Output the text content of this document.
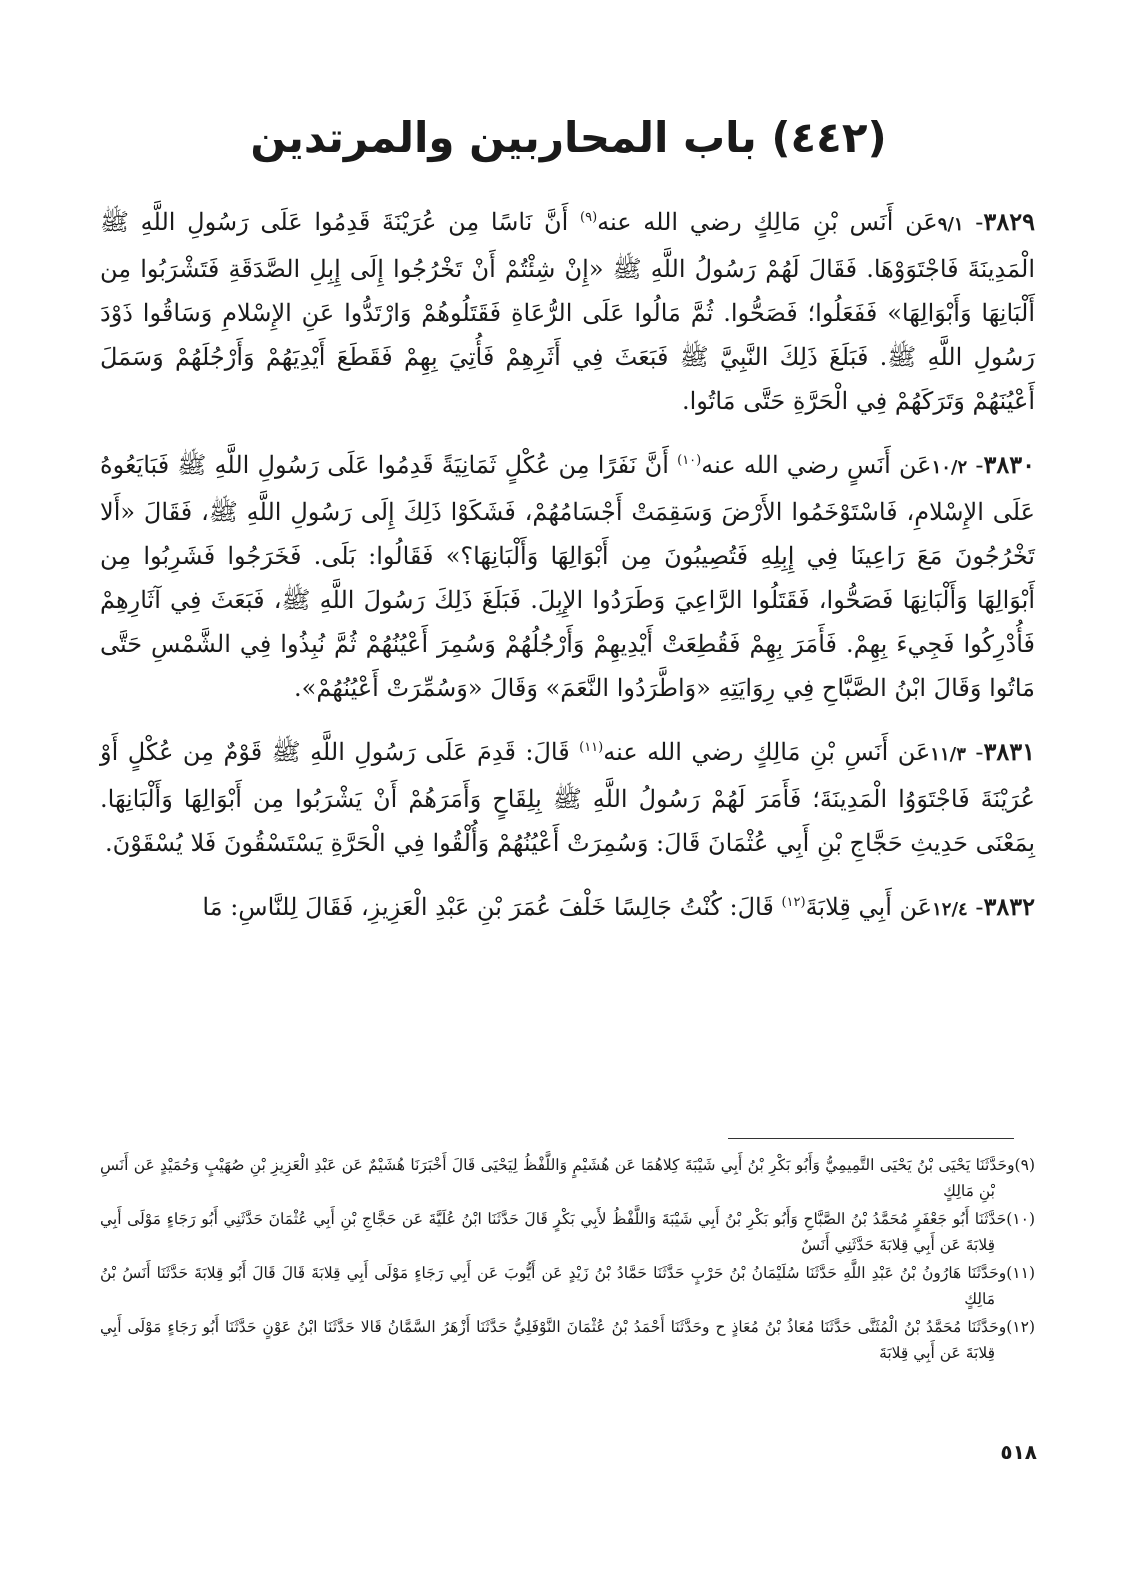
(٤٤٢) باب المحاربين والمرتدين

٣٨٢٩- ٩/١عَن أَنَس بْنِ مَالِكٍ رضي الله عنه$^{(٩)}$ أَنَّ نَاسًا مِن عُرَيْنَةَ قَدِمُوا عَلَى رَسُولِ اللَّهِ ﷺ الْمَدِينَةَ فَاجْتَوَوْهَا. فَقَالَ لَهُمْ رَسُولُ اللَّهِ ﷺ «إِنْ شِئْتُمْ أَنْ تَخْرُجُوا إِلَى إِبِلِ الصَّدَقَةِ فَتَشْرَبُوا مِن أَلْبَانِهَا وَأَبْوَالِهَا» فَفَعَلُوا؛ فَصَحُّوا. ثُمَّ مَالُوا عَلَى الرُّعَاةِ فَقَتَلُوهُمْ وَارْتَدُّوا عَنِ الإِسْلامِ وَسَاقُوا ذَوْدَ رَسُولِ اللَّهِ ﷺ. فَبَلَغَ ذَلِكَ النَّبِيَّ ﷺ فَبَعَثَ فِي أَثَرِهِمْ فَأُتِيَ بِهِمْ فَقَطَعَ أَيْدِيَهُمْ وَأَرْجُلَهُمْ وَسَمَلَ أَعْيُنَهُمْ وَتَرَكَهُمْ فِي الْحَرَّةِ حَتَّى مَاتُوا.

٣٨٣٠- ١٠/٢عَن أَنَسٍ رضي الله عنه$^{(١٠)}$ أَنَّ نَفَرًا مِن عُكْلٍ ثَمَانِيَةً قَدِمُوا عَلَى رَسُولِ اللَّهِ ﷺ فَبَايَعُوهُ عَلَى الإِسْلامِ، فَاسْتَوْخَمُوا الأَرْضَ وَسَقِمَتْ أَجْسَامُهُمْ، فَشَكَوْا ذَلِكَ إِلَى رَسُولِ اللَّهِ ﷺ، فَقَالَ «أَلا تَخْرُجُونَ مَعَ رَاعِينَا فِي إِبِلِهِ فَتُصِيبُونَ مِن أَبْوَالِهَا وَأَلْبَانِهَا؟» فَقَالُوا: بَلَى. فَخَرَجُوا فَشَرِبُوا مِن أَبْوَالِهَا وَأَلْبَانِهَا فَصَحُّوا، فَقَتَلُوا الرَّاعِيَ وَطَرَدُوا الإِبِلَ. فَبَلَغَ ذَلِكَ رَسُولَ اللَّهِ ﷺ، فَبَعَثَ فِي آثَارِهِمْ فَأُدْرِكُوا فَجِيءَ بِهِمْ. فَأَمَرَ بِهِمْ فَقُطِعَتْ أَيْدِيهِمْ وَأَرْجُلُهُمْ وَسُمِرَ أَعْيُنُهُمْ ثُمَّ نُبِذُوا فِي الشَّمْسِ حَتَّى مَاتُوا وَقَالَ ابْنُ الصَّبَّاحِ فِي رِوَايَتِهِ «وَاطَّرَدُوا النَّعَمَ» وَقَالَ «وَسُمِّرَتْ أَعْيُنُهُمْ».

٣٨٣١- ١١/٣عَن أَنَسِ بْنِ مَالِكٍ رضي الله عنه$^{(١١)}$ قَالَ: قَدِمَ عَلَى رَسُولِ اللَّهِ ﷺ قَوْمٌ مِن عُكْلٍ أَوْ عُرَيْنَةَ فَاجْتَوَوُا الْمَدِينَةَ؛ فَأَمَرَ لَهُمْ رَسُولُ اللَّهِ ﷺ بِلِقَاحٍ وَأَمَرَهُمْ أَنْ يَشْرَبُوا مِن أَبْوَالِهَا وَأَلْبَانِهَا. بِمَعْنَى حَدِيثِ حَجَّاجِ بْنِ أَبِي عُثْمَانَ قَالَ: وَسُمِرَتْ أَعْيُنُهُمْ وَأُلْقُوا فِي الْحَرَّةِ يَسْتَسْقُونَ فَلا يُسْقَوْنَ.

٣٨٣٢- ١٢/٤عَن أَبِي قِلابَةَ$^{(١٢)}$ قَالَ: كُنْتُ جَالِسًا خَلْفَ عُمَرَ بْنِ عَبْدِ الْعَزِيزِ، فَقَالَ لِلنَّاسِ: مَا

(٩)وحَدَّثَنَا يَحْيَى بْنُ يَحْيَى التَّمِيمِيُّ وَأَبُو بَكْرِ بْنُ أَبِي شَيْبَةَ كِلاهُمَا عَن هُشَيْمٍ وَاللَّفْظُ لِيَحْيَى قَالَ أَخْبَرَنَا هُشَيْمٌ عَن عَبْدِ الْعَزِيزِ بْنِ صُهَيْبٍ وَحُمَيْدٍ عَن أَنَسِ بْنِ مَالِكٍ

(١٠)حَدَّثَنَا أَبُو جَعْفَرٍ مُحَمَّدُ بْنُ الصَّبَّاحِ وَأَبُو بَكْرِ بْنُ أَبِي شَيْبَةَ وَاللَّفْظُ لأَبِي بَكْرٍ قَالَ حَدَّثَنَا ابْنُ عُلَيَّةَ عَن حَجَّاجِ بْنِ أَبِي عُثْمَانَ حَدَّثَنِي أَبُو رَجَاءٍ مَوْلَى أَبِي قِلابَةَ عَن أَبِي قِلابَةَ حَدَّثَنِي أَنَسٌ

(١١)وحَدَّثَنَا هَارُونُ بْنُ عَبْدِ اللَّهِ حَدَّثَنَا سُلَيْمَانُ بْنُ حَرْبٍ حَدَّثَنَا حَمَّادُ بْنُ زَيْدٍ عَن أَيُّوبَ عَن أَبِي رَجَاءٍ مَوْلَى أَبِي قِلابَةَ قَالَ قَالَ أَبُو قِلابَةَ حَدَّثَنَا أَنَسُ بْنُ مَالِكٍ

(١٢)وحَدَّثَنَا مُحَمَّدُ بْنُ الْمُثَنَّى حَدَّثَنَا مُعَاذُ بْنُ مُعَاذٍ ح وحَدَّثَنَا أَحْمَدُ بْنُ عُثْمَانَ النَّوْفَلِيُّ حَدَّثَنَا أَزْهَرُ السَّمَّانُ قَالا حَدَّثَنَا ابْنُ عَوْنٍ حَدَّثَنَا أَبُو رَجَاءٍ مَوْلَى أَبِي قِلابَةَ عَن أَبِي قِلابَةَ

٥١٨
